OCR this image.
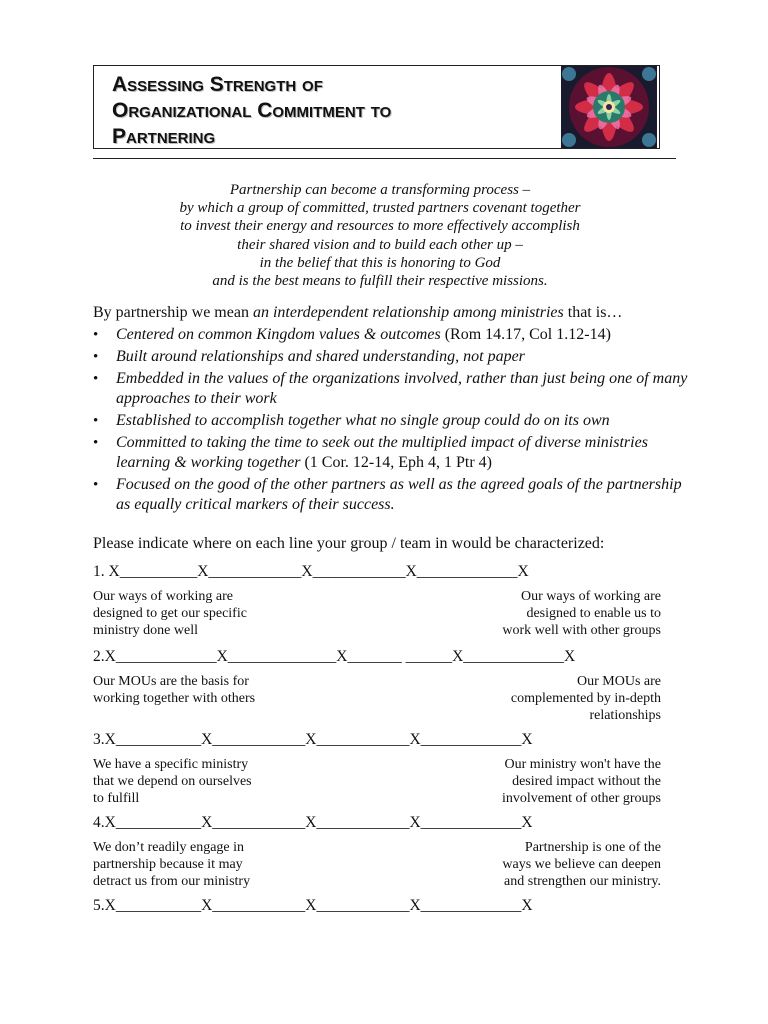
Assessing Strength of
Organizational Commitment to
Partnering
Partnership can become a transforming process –
by which a group of committed, trusted partners covenant together
to invest their energy and resources to more effectively accomplish
their shared vision and to build each other up –
in the belief that this is honoring to God
and is the best means to fulfill their respective missions.
By partnership we mean an interdependent relationship among ministries that is…
• Centered on common Kingdom values & outcomes (Rom 14.17, Col 1.12-14)
• Built around relationships and shared understanding, not paper
• Embedded in the values of the organizations involved, rather than just being one of many approaches to their work
• Established to accomplish together what no single group could do on its own
• Committed to taking the time to seek out the multiplied impact of diverse ministries learning & working together (1 Cor. 12-14, Eph 4, 1 Ptr 4)
• Focused on the good of the other partners as well as the agreed goals of the partnership as equally critical markers of their success.
Please indicate where on each line your group / team in would be characterized:
1. X__________X____________X____________X_____________X
Our ways of working are
designed to get our specific
ministry done well
Our ways of working are
designed to enable us to
work well with other groups
2.X_____________X______________X_______ ______X_____________X
Our MOUs are the basis for
working together with others
Our MOUs are
complemented by in-depth
relationships
3.X___________X____________X____________X_____________X
We have a specific ministry
that we depend on ourselves
to fulfill
Our ministry won't have the
desired impact without the
involvement of other groups
4.X___________X____________X____________X_____________X
We don’t readily engage in
partnership because it may
detract us from our ministry
Partnership is one of the
ways we believe can deepen
and strengthen our ministry.
5.X___________X____________X____________X_____________X
